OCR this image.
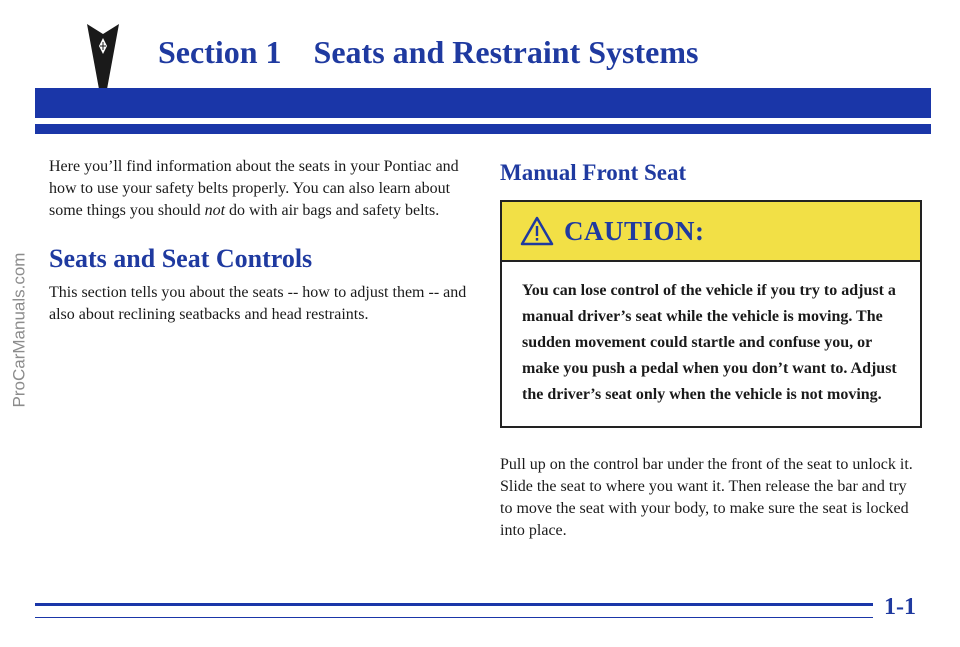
Section 1 Seats and Restraint Systems
ProCarManuals.com

Here you’ll find information about the seats in your Pontiac and how to use your safety belts properly. You can also learn about some things you should not do with air bags and safety belts.

Seats and Seat Controls

This section tells you about the seats -- how to adjust them -- and also about reclining seatbacks and head restraints.

Manual Front Seat
CAUTION:
You can lose control of the vehicle if you try to adjust a manual driver’s seat while the vehicle is moving. The sudden movement could startle and confuse you, or make you push a pedal when you don’t want to. Adjust the driver’s seat only when the vehicle is not moving.

Pull up on the control bar under the front of the seat to unlock it. Slide the seat to where you want it. Then release the bar and try to move the seat with your body, to make sure the seat is locked into place.

1-1
